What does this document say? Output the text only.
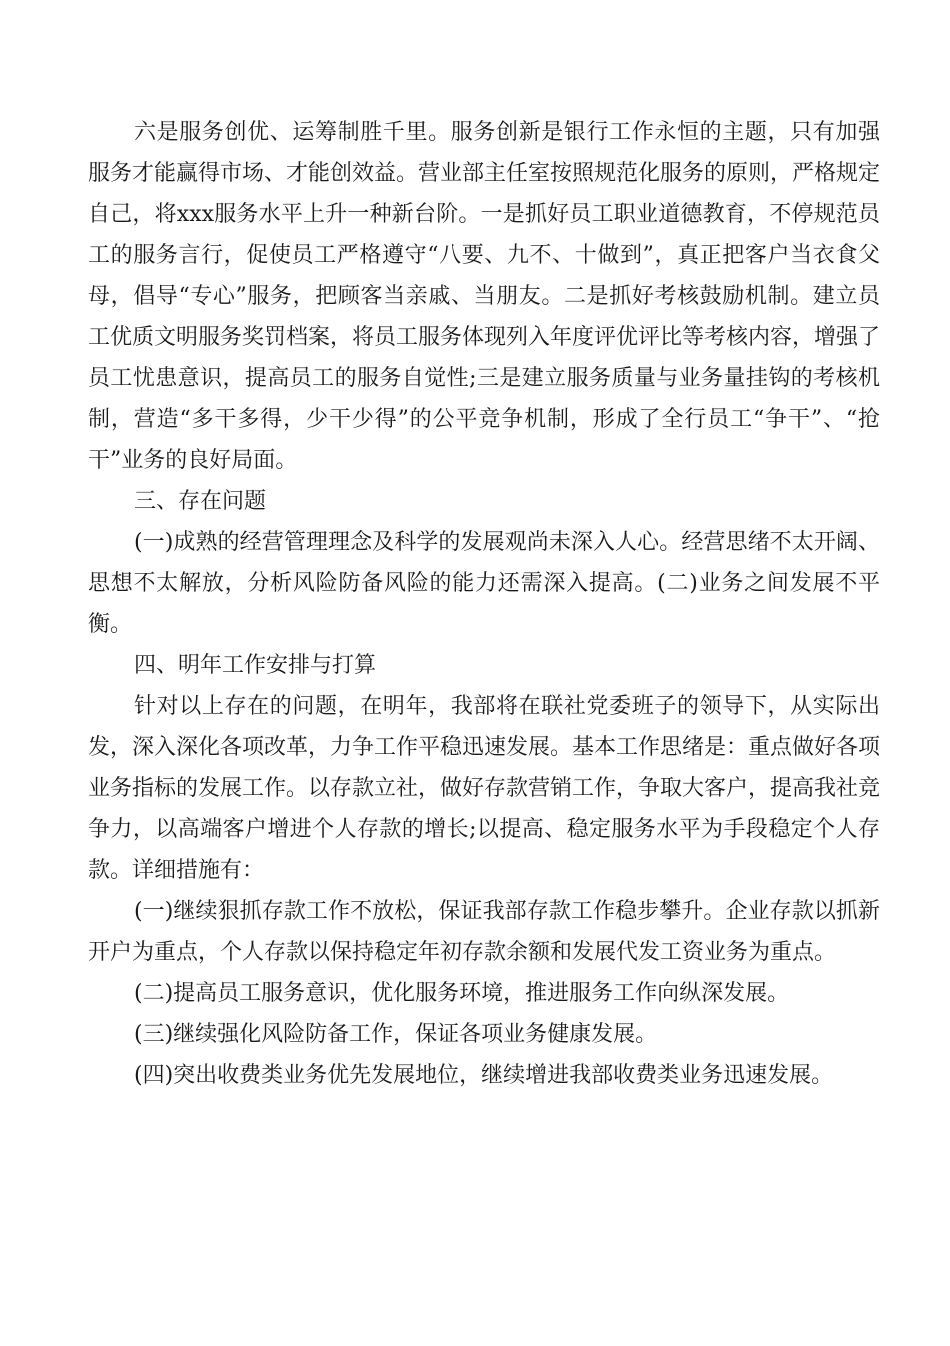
六是服务创优、运筹制胜千里。服务创新是银行工作永恒的主题，只有加强服务才能赢得市场、才能创效益。营业部主任室按照规范化服务的原则，严格规定自己，将xxx服务水平上升一种新台阶。一是抓好员工职业道德教育，不停规范员工的服务言行，促使员工严格遵守“八要、九不、十做到”，真正把客户当衣食父母，倡导“专心”服务，把顾客当亲戚、当朋友。二是抓好考核鼓励机制。建立员工优质文明服务奖罚档案，将员工服务体现列入年度评优评比等考核内容，增强了员工忧患意识，提高员工的服务自觉性;三是建立服务质量与业务量挂钩的考核机制，营造“多干多得，少干少得”的公平竞争机制，形成了全行员工“争干”、“抢干”业务的良好局面。

三、存在问题

(一)成熟的经营管理理念及科学的发展观尚未深入人心。经营思绪不太开阔、思想不太解放，分析风险防备风险的能力还需深入提高。(二)业务之间发展不平衡。

四、明年工作安排与打算

针对以上存在的问题，在明年，我部将在联社党委班子的领导下，从实际出发，深入深化各项改革，力争工作平稳迅速发展。基本工作思绪是：重点做好各项业务指标的发展工作。以存款立社，做好存款营销工作，争取大客户，提高我社竞争力，以高端客户增进个人存款的增长;以提高、稳定服务水平为手段稳定个人存款。详细措施有：

(一)继续狠抓存款工作不放松，保证我部存款工作稳步攀升。企业存款以抓新开户为重点，个人存款以保持稳定年初存款余额和发展代发工资业务为重点。

(二)提高员工服务意识，优化服务环境，推进服务工作向纵深发展。

(三)继续强化风险防备工作，保证各项业务健康发展。

(四)突出收费类业务优先发展地位，继续增进我部收费类业务迅速发展。
